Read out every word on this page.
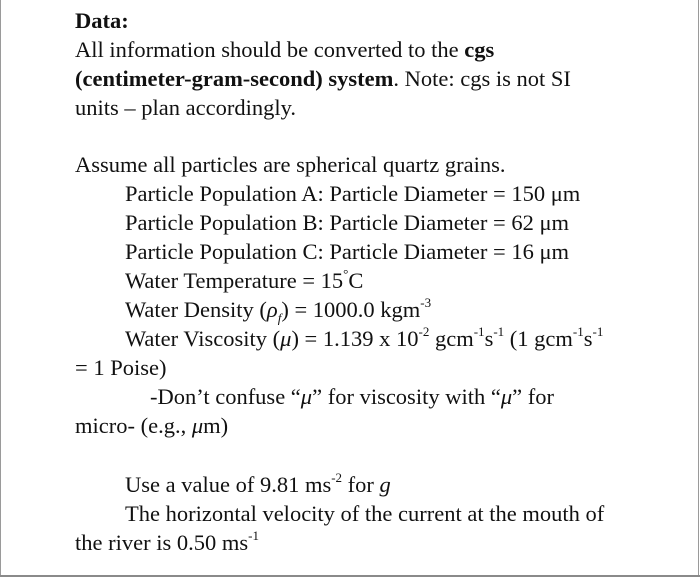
Data:
All information should be converted to the cgs
(centimeter-gram-second) system. Note: cgs is not SI
units – plan accordingly.
Assume all particles are spherical quartz grains.
Particle Population A: Particle Diameter = 150 μm
Particle Population B: Particle Diameter = 62 μm
Particle Population C: Particle Diameter = 16 μm
Water Temperature = 15°C
Water Density $(\rho_f) = 1000.0$ kgm$^{-3}$
Water Viscosity (μ) = 1.139 x $10^{-2}$ $gcm^{-1}s^{-1}$ (1 $gcm^{-1}s^{-1}$
= 1 Poise)
-Don’t confuse “μ” for viscosity with “μ” for
micro- (e.g., μm)
Use a value of 9.81 $ms^{-2}$ for g
The horizontal velocity of the current at the mouth of
the river is 0.50 $ms^{-1}$
